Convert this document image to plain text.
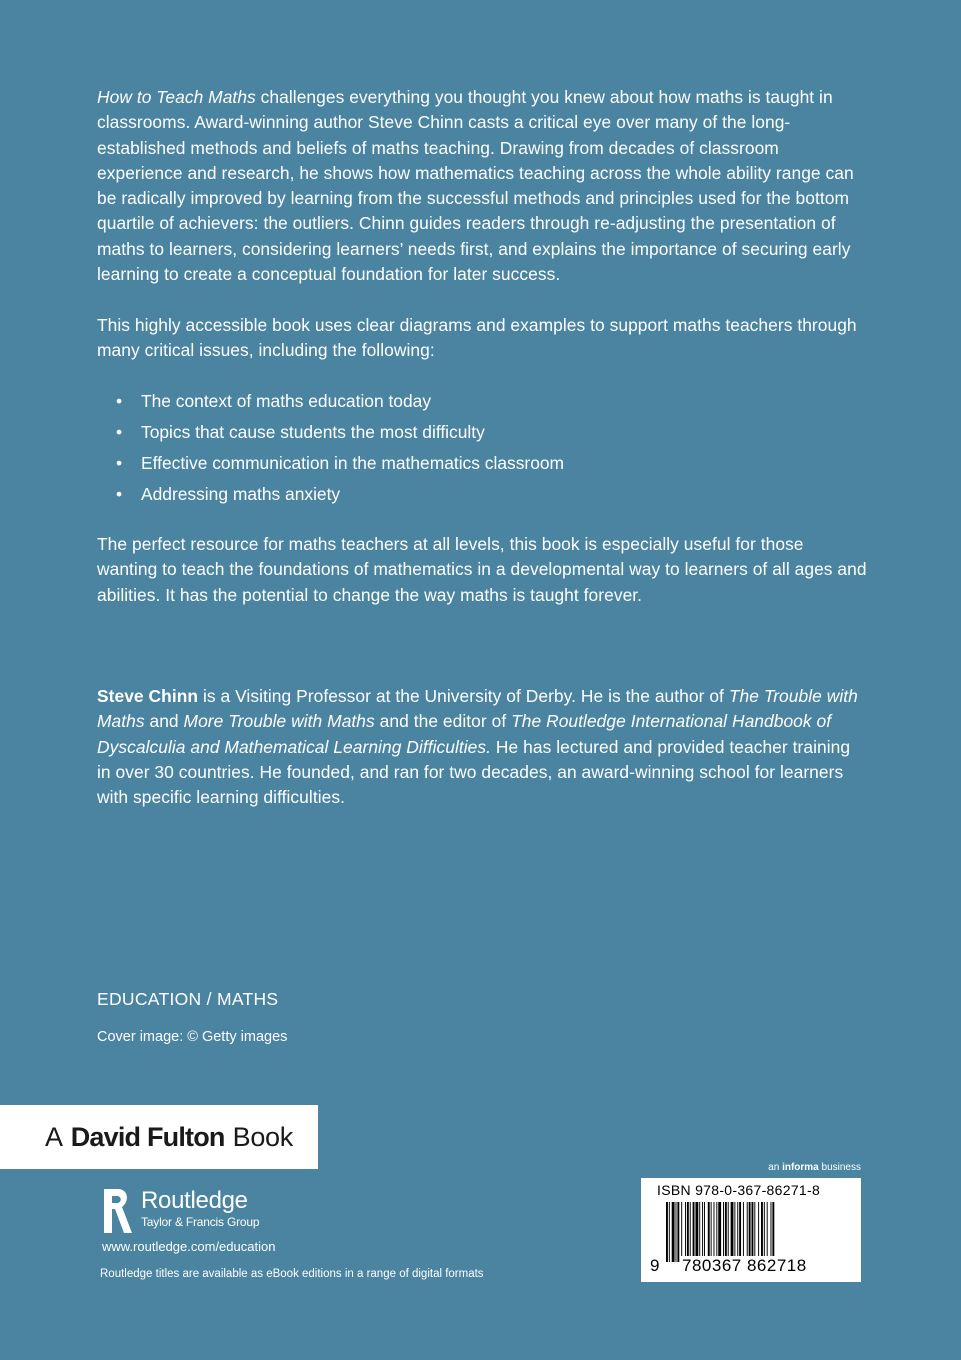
How to Teach Maths challenges everything you thought you knew about how maths is taught in classrooms. Award-winning author Steve Chinn casts a critical eye over many of the long-established methods and beliefs of maths teaching. Drawing from decades of classroom experience and research, he shows how mathematics teaching across the whole ability range can be radically improved by learning from the successful methods and principles used for the bottom quartile of achievers: the outliers. Chinn guides readers through re-adjusting the presentation of maths to learners, considering learners’ needs first, and explains the importance of securing early learning to create a conceptual foundation for later success.

This highly accessible book uses clear diagrams and examples to support maths teachers through many critical issues, including the following:

•	The context of maths education today
•	Topics that cause students the most difficulty
•	Effective communication in the mathematics classroom
•	Addressing maths anxiety

The perfect resource for maths teachers at all levels, this book is especially useful for those wanting to teach the foundations of mathematics in a developmental way to learners of all ages and abilities. It has the potential to change the way maths is taught forever.

Steve Chinn is a Visiting Professor at the University of Derby. He is the author of The Trouble with Maths and More Trouble with Maths and the editor of The Routledge International Handbook of Dyscalculia and Mathematical Learning Difficulties. He has lectured and provided teacher training in over 30 countries. He founded, and ran for two decades, an award-winning school for learners with specific learning difficulties.

EDUCATION / MATHS
Cover image: © Getty images
A David Fulton Book
Routledge
Taylor & Francis Group
www.routledge.com/education
Routledge titles are available as eBook editions in a range of digital formats
an informa business
ISBN 978-0-367-86271-8
9 780367 862718
